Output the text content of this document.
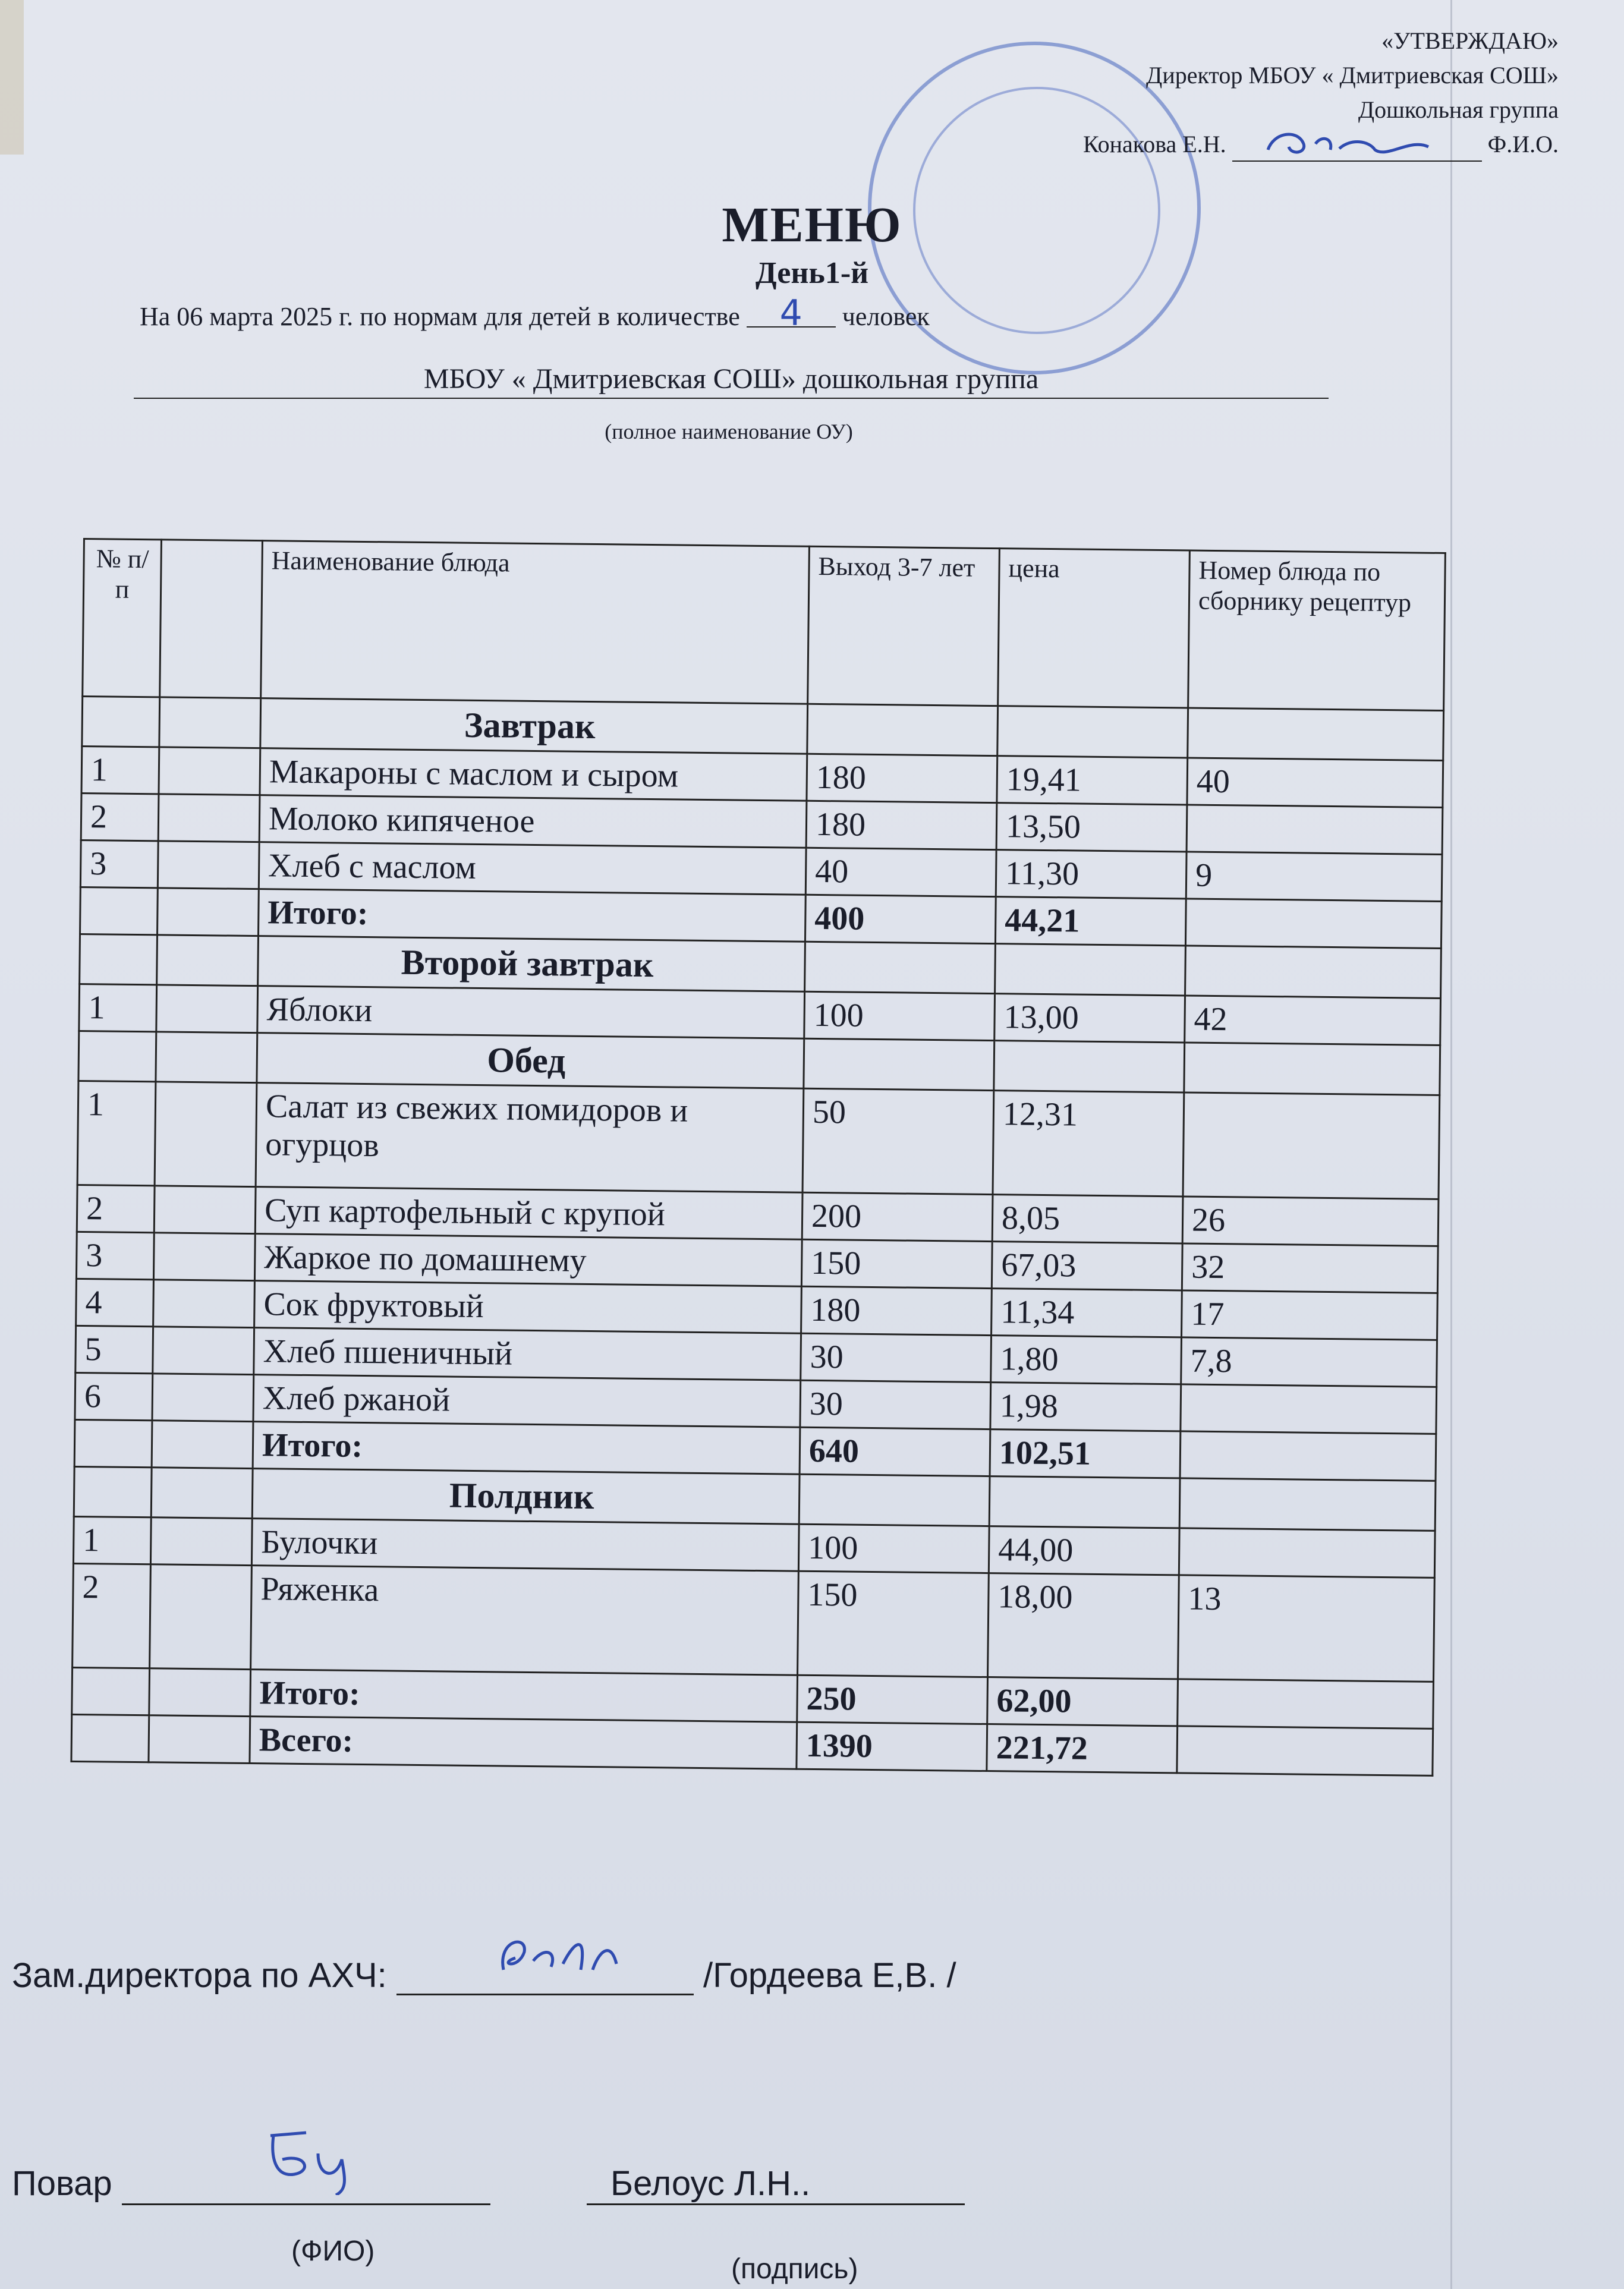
«УТВЕРЖДАЮ»
Директор МБОУ « Дмитриевская СОШ»
Дошкольная группа
Конакова Е.Н.	Ф.И.О.
МЕНЮ
День1-й
На 06 марта 2025 г. по нормам для детей в количестве 4 человек
МБОУ « Дмитриевская СОШ» дошкольная группа
(полное наименование ОУ)
№ п/п		Наименование блюда	Выход 3-7 лет	цена	Номер блюда по сборнику рецептур
		Завтрак			
1		Макароны с маслом и сыром	180	19,41	40
2		Молоко кипяченое	180	13,50	
3		Хлеб с маслом	40	11,30	9
		Итого:	400	44,21	
		Второй завтрак			
1		Яблоки	100	13,00	42
		Обед			
1		Салат из свежих помидоров и огурцов	50	12,31	
2		Суп картофельный с крупой	200	8,05	26
3		Жаркое по домашнему	150	67,03	32
4		Сок фруктовый	180	11,34	17
5		Хлеб пшеничный	30	1,80	7,8
6		Хлеб ржаной	30	1,98	
		Итого:	640	102,51	
		Полдник			
1		Булочки	100	44,00	
2		Ряженка	150	18,00	13
		Итого:	250	62,00	
		Всего:	1390	221,72	
Зам.директора по АХЧ:	/Гордеева Е,В. /
Повар	Белоус Л.Н..
(ФИО)
(подпись)
